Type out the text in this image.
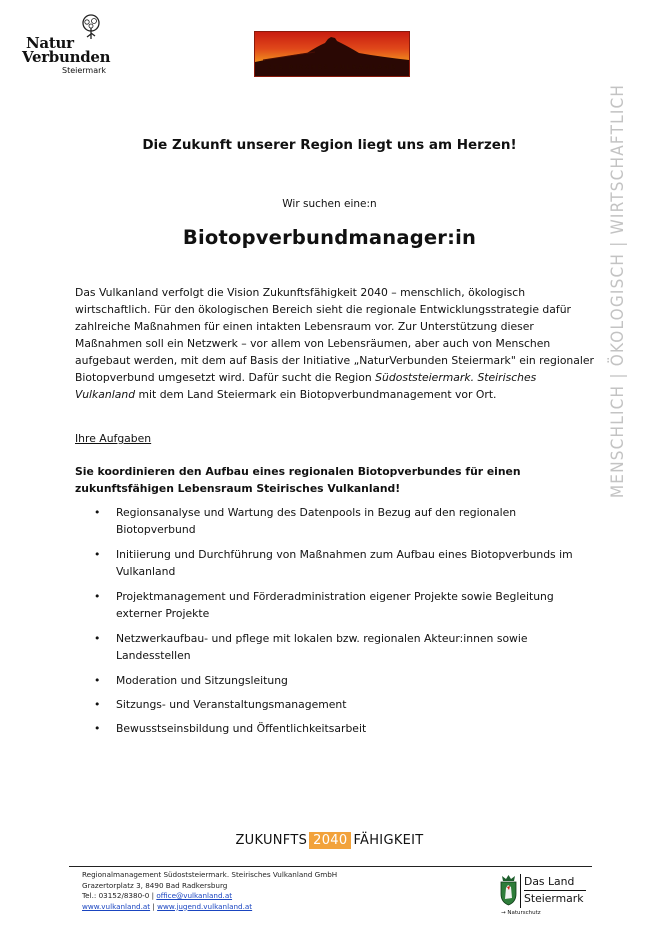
Natur
Verbunden
Steiermark	STEIRISCHES VULKANLAND
Die Zukunft unserer Region liegt uns am Herzen!
Wir suchen eine:n
Biotopverbundmanager:in

Das Vulkanland verfolgt die Vision Zukunftsfähigkeit 2040 – menschlich, ökologisch wirtschaftlich. Für den ökologischen Bereich sieht die regionale Entwicklungsstrategie dafür zahlreiche Maßnahmen für einen intakten Lebensraum vor. Zur Unterstützung dieser Maßnahmen soll ein Netzwerk – vor allem von Lebensräumen, aber auch von Menschen aufgebaut werden, mit dem auf Basis der Initiative „NaturVerbunden Steiermark" ein regionaler Biotopverbund umgesetzt wird. Dafür sucht die Region Südoststeiermark. Steirisches Vulkanland mit dem Land Steiermark ein Biotopverbundmanagement vor Ort.

Ihre Aufgaben
Sie koordinieren den Aufbau eines regionalen Biotopverbundes für einen zukunftsfähigen Lebensraum Steirisches Vulkanland!
• Regionsanalyse und Wartung des Datenpools in Bezug auf den regionalen Biotopverbund
• Initiierung und Durchführung von Maßnahmen zum Aufbau eines Biotopverbunds im Vulkanland
• Projektmanagement und Förderadministration eigener Projekte sowie Begleitung externer Projekte
• Netzwerkaufbau- und pflege mit lokalen bzw. regionalen Akteur:innen sowie Landesstellen
• Moderation und Sitzungsleitung
• Sitzungs- und Veranstaltungsmanagement
• Bewusstseinsbildung und Öffentlichkeitsarbeit
MENSCHLICH | ÖKOLOGISCH | WIRTSCHAFTLICH
ZUKUNFTS 2040 FÄHIGKEIT
Regionalmanagement Südoststeiermark. Steirisches Vulkanland GmbH
Grazertorplatz 3, 8490 Bad Radkersburg
Tel.: 03152/8380-0 | office@vulkanland.at
www.vulkanland.at | www.jugend.vulkanland.at
Das Land
Steiermark
→ Naturschutz
